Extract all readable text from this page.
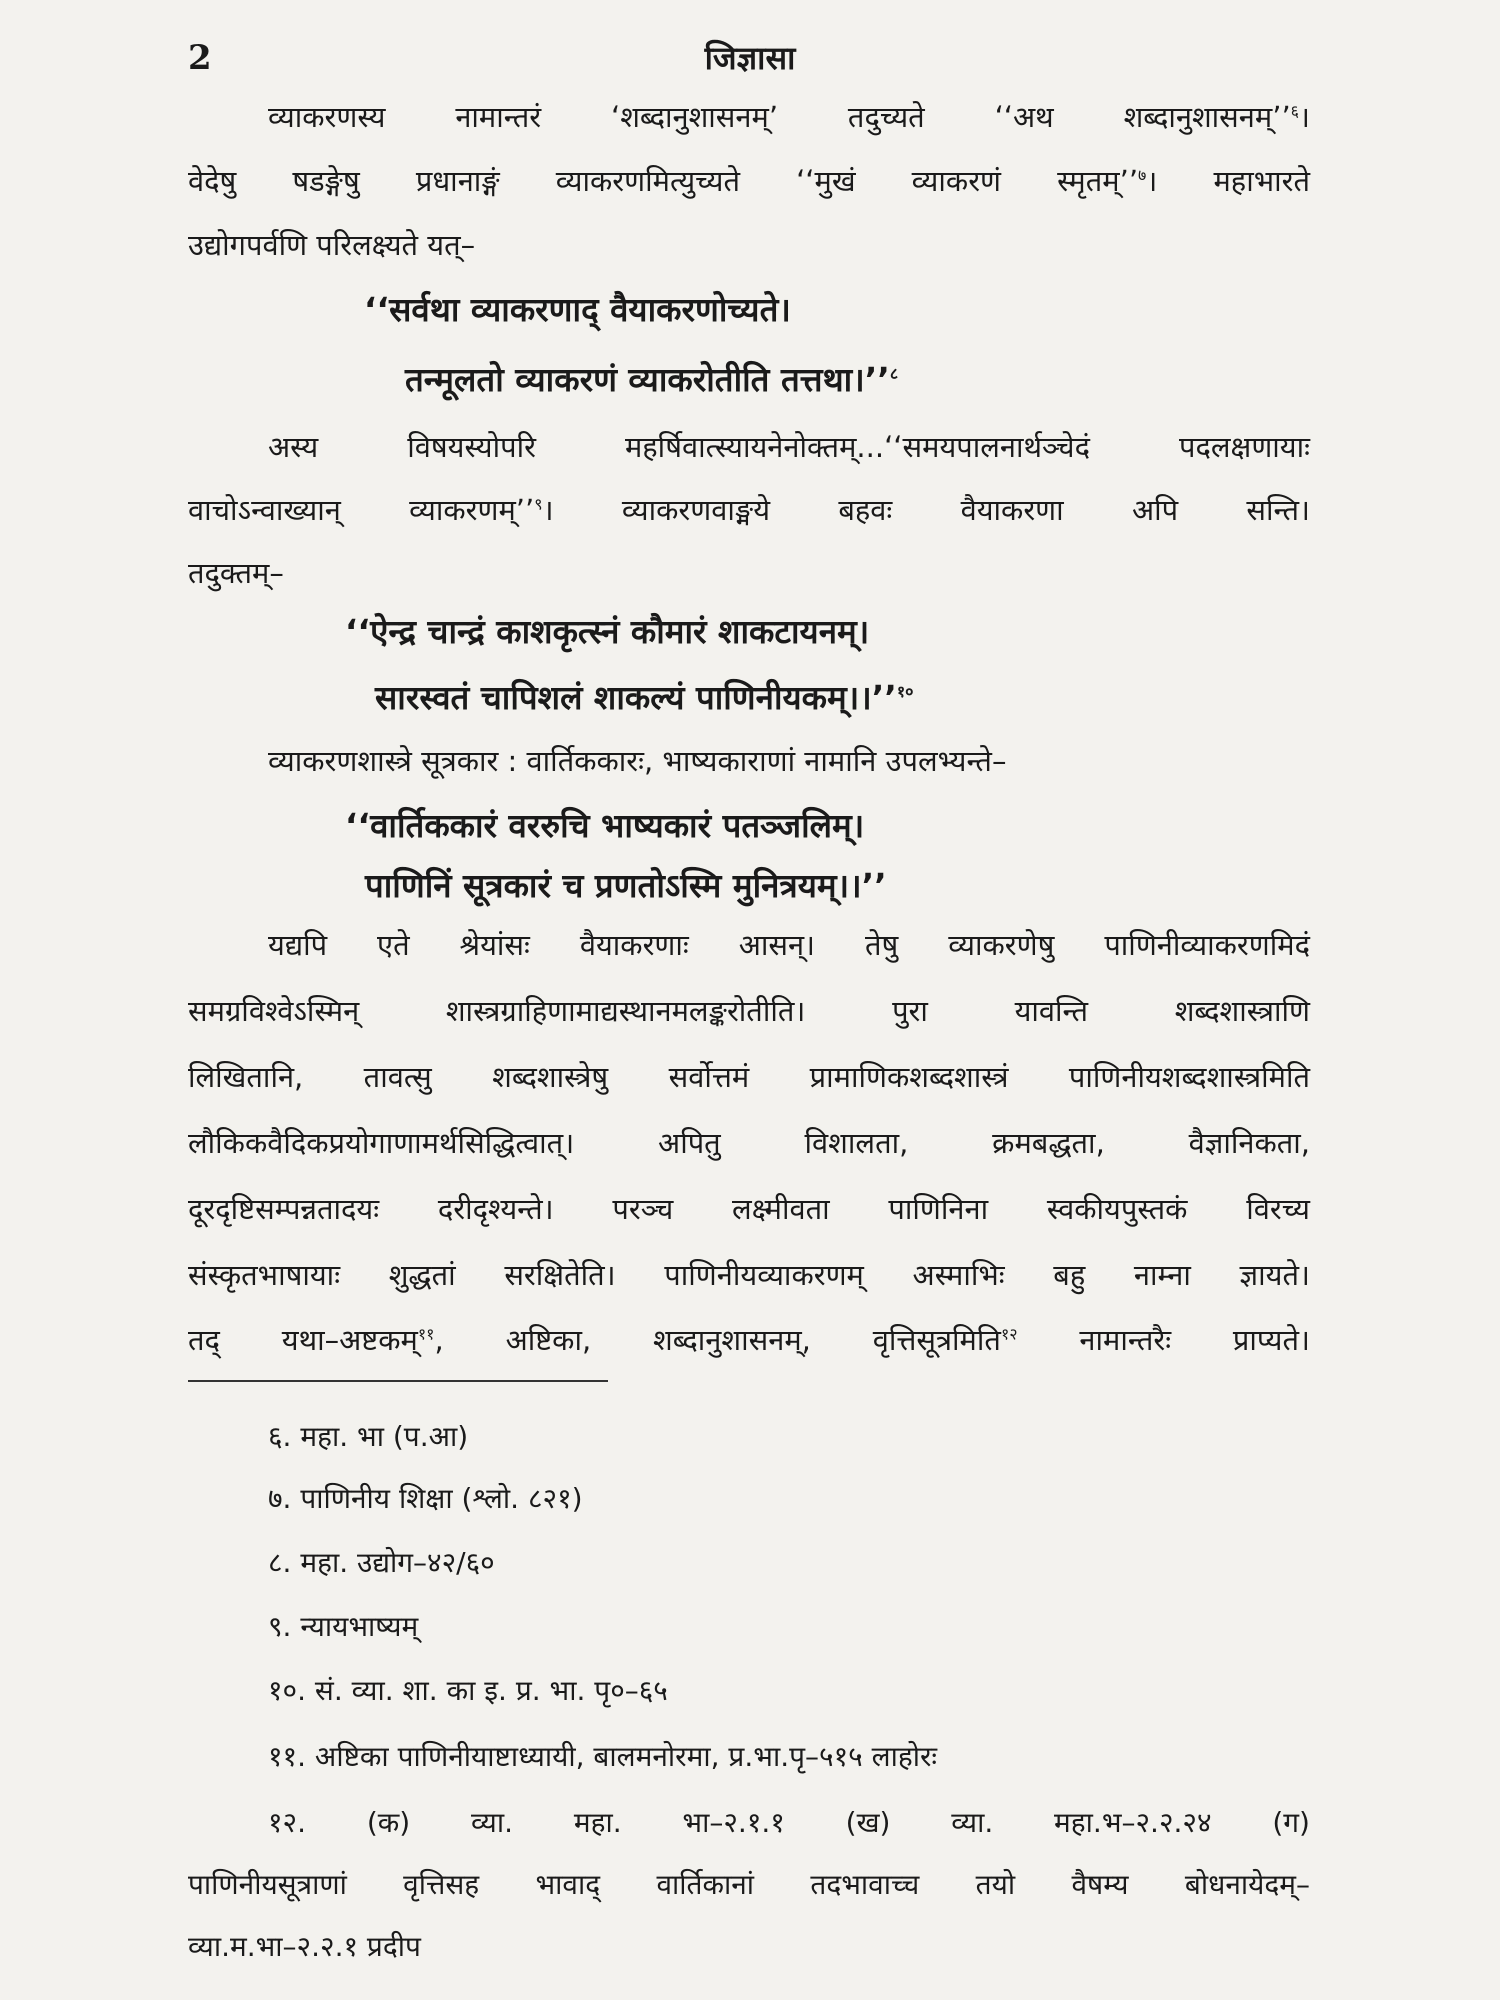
2	जिज्ञासा
व्याकरणस्य नामान्तरं ‘शब्दानुशासनम्’ तदुच्यते ‘‘अथ शब्दानुशासनम्’’$^६$।
वेदेषु षडङ्गेषु प्रधानाङ्गं व्याकरणमित्युच्यते ‘‘मुखं व्याकरणं स्मृतम्’’$^७$। महाभारते
उद्योगपर्वणि परिलक्ष्यते यत्–
‘‘सर्वथा व्याकरणाद् वैयाकरणोच्यते।
तन्मूलतो व्याकरणं व्याकरोतीति तत्तथा।’’$^८$
अस्य विषयस्योपरि महर्षिवात्स्यायनेनोक्तम्...‘‘समयपालनार्थञ्चेदं पदलक्षणायाः
वाचोऽन्वाख्यान् व्याकरणम्’’$^९$। व्याकरणवाङ्मये बहवः वैयाकरणा अपि सन्ति।
तदुक्तम्–
‘‘ऐन्द्र चान्द्रं काशकृत्स्नं कौमारं शाकटायनम्।
सारस्वतं चापिशलं शाकल्यं पाणिनीयकम्।।’’$^{१०}$
व्याकरणशास्त्रे सूत्रकार : वार्तिककारः, भाष्यकाराणां नामानि उपलभ्यन्ते–
‘‘वार्तिककारं वररुचि भाष्यकारं पतञ्जलिम्।
पाणिनिं सूत्रकारं च प्रणतोऽस्मि मुनित्रयम्।।’’
यद्यपि एते श्रेयांसः वैयाकरणाः आसन्। तेषु व्याकरणेषु पाणिनीव्याकरणमिदं
समग्रविश्वेऽस्मिन् शास्त्रग्राहिणामाद्यस्थानमलङ्करोतीति। पुरा यावन्ति शब्दशास्त्राणि
लिखितानि, तावत्सु शब्दशास्त्रेषु सर्वोत्तमं प्रामाणिकशब्दशास्त्रं पाणिनीयशब्दशास्त्रमिति
लौकिकवैदिकप्रयोगाणामर्थसिद्धित्वात्। अपितु विशालता, क्रमबद्धता, वैज्ञानिकता,
दूरदृष्टिसम्पन्नतादयः दरीदृश्यन्ते। परञ्च लक्ष्मीवता पाणिनिना स्वकीयपुस्तकं विरच्य
संस्कृतभाषायाः शुद्धतां सरक्षितेति। पाणिनीयव्याकरणम् अस्माभिः बहु नाम्ना ज्ञायते।
तद् यथा–अष्टकम्$^{११}$, अष्टिका, शब्दानुशासनम्, वृत्तिसूत्रमिति$^{१२}$ नामान्तरैः प्राप्यते।
६. महा. भा (प.आ)
७. पाणिनीय शिक्षा (श्लो. ८२१)
८. महा. उद्योग–४२/६०
९. न्यायभाष्यम्
१०. सं. व्या. शा. का इ. प्र. भा. पृ०–६५
११. अष्टिका पाणिनीयाष्टाध्यायी, बालमनोरमा, प्र.भा.पृ–५१५ लाहोरः
१२. (क) व्या. महा. भा–२.१.१ (ख) व्या. महा.भ–२.२.२४ (ग)
पाणिनीयसूत्राणां वृत्तिसह भावाद् वार्तिकानां तदभावाच्च तयो वैषम्य बोधनायेदम्–
व्या.म.भा–२.२.१ प्रदीप
